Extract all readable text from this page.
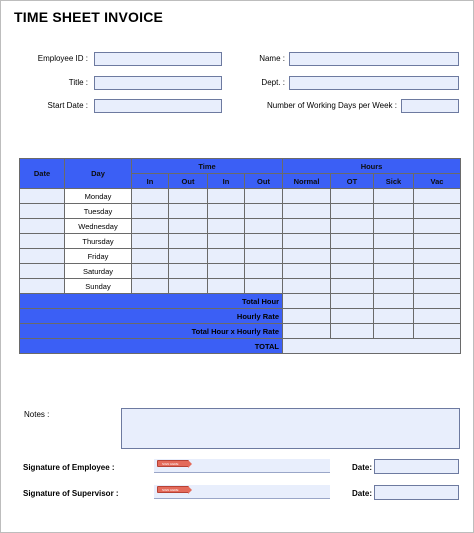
TIME SHEET INVOICE
Employee ID :	Name :
Title :	Dept. :
Start Date :	Number of Working Days per Week :
Date	Day	Time				Hours			
		In	Out	In	Out	Normal	OT	Sick	Vac
	Monday								
	Tuesday								
	Wednesday								
	Thursday								
	Friday								
	Saturday								
	Sunday								
Total Hour									
Hourly Rate									
Total Hour x Hourly Rate									
TOTAL									
Notes :
Signature of Employee :	SIGN HERE	Date:
Signature of Supervisor :	SIGN HERE	Date:
